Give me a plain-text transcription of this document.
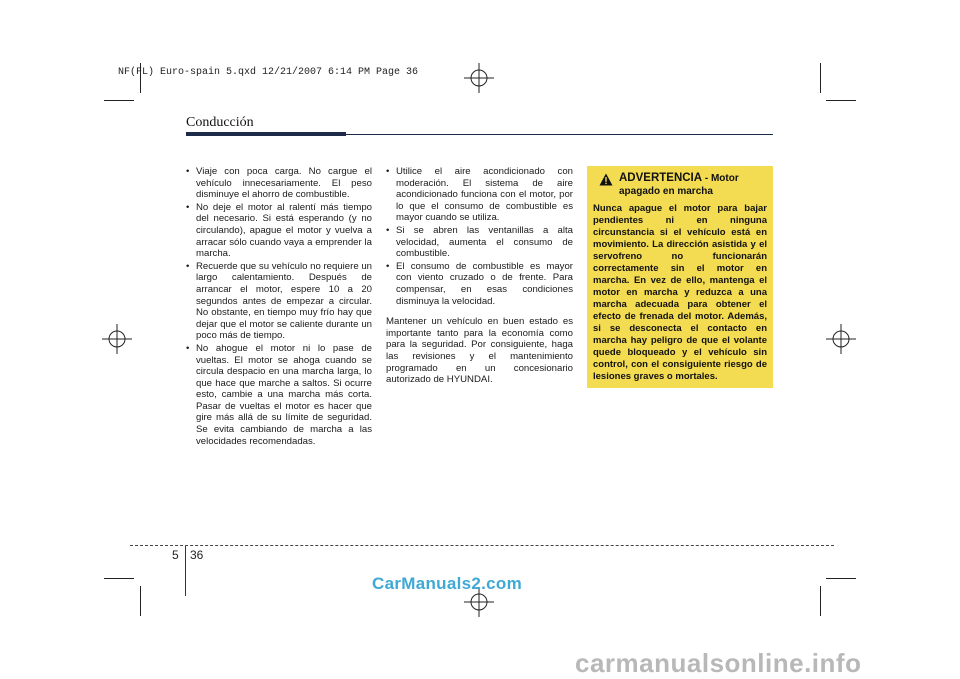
NF(FL) Euro-spain 5.qxd 12/21/2007 6:14 PM Page 36
Conducción
• Viaje con poca carga. No cargue el vehículo innecesariamente. El peso disminuye el ahorro de combustible.
• No deje el motor al ralentí más tiempo del necesario. Si está esperando (y no circulando), apague el motor y vuelva a arracar sólo cuando vaya a emprender la marcha.
• Recuerde que su vehículo no requiere un largo calentamiento. Después de arrancar el motor, espere 10 a 20 segundos antes de empezar a circular. No obstante, en tiempo muy frío hay que dejar que el motor se caliente durante un poco más de tiempo.
• No ahogue el motor ni lo pase de vueltas. El motor se ahoga cuando se circula despacio en una marcha larga, lo que hace que marche a saltos. Si ocurre esto, cambie a una marcha más corta. Pasar de vueltas el motor es hacer que gire más allá de su límite de seguridad. Se evita cambiando de marcha a las velocidades recomendadas.
• Utilice el aire acondicionado con moderación. El sistema de aire acondicionado funciona con el motor, por lo que el consumo de combustible es mayor cuando se utiliza.
• Si se abren las ventanillas a alta velocidad, aumenta el consumo de combustible.
• El consumo de combustible es mayor con viento cruzado o de frente. Para compensar, en esas condiciones disminuya la velocidad.

Mantener un vehículo en buen estado es importante tanto para la economía como para la seguridad. Por consiguiente, haga las revisiones y el mantenimiento programado en un concesionario autorizado de HYUNDAI.

ADVERTENCIA - Motor apagado en marcha
Nunca apague el motor para bajar pendientes ni en ninguna circunstancia si el vehículo está en movimiento. La dirección asistida y el servofreno no funcionarán correctamente sin el motor en marcha. En vez de ello, mantenga el motor en marcha y reduzca a una marcha adecuada para obtener el efecto de frenada del motor. Además, si se desconecta el contacto en marcha hay peligro de que el volante quede bloqueado y el vehículo sin control, con el consiguiente riesgo de lesiones graves o mortales.
5 36
CarManuals2.com
carmanualsonline.info
